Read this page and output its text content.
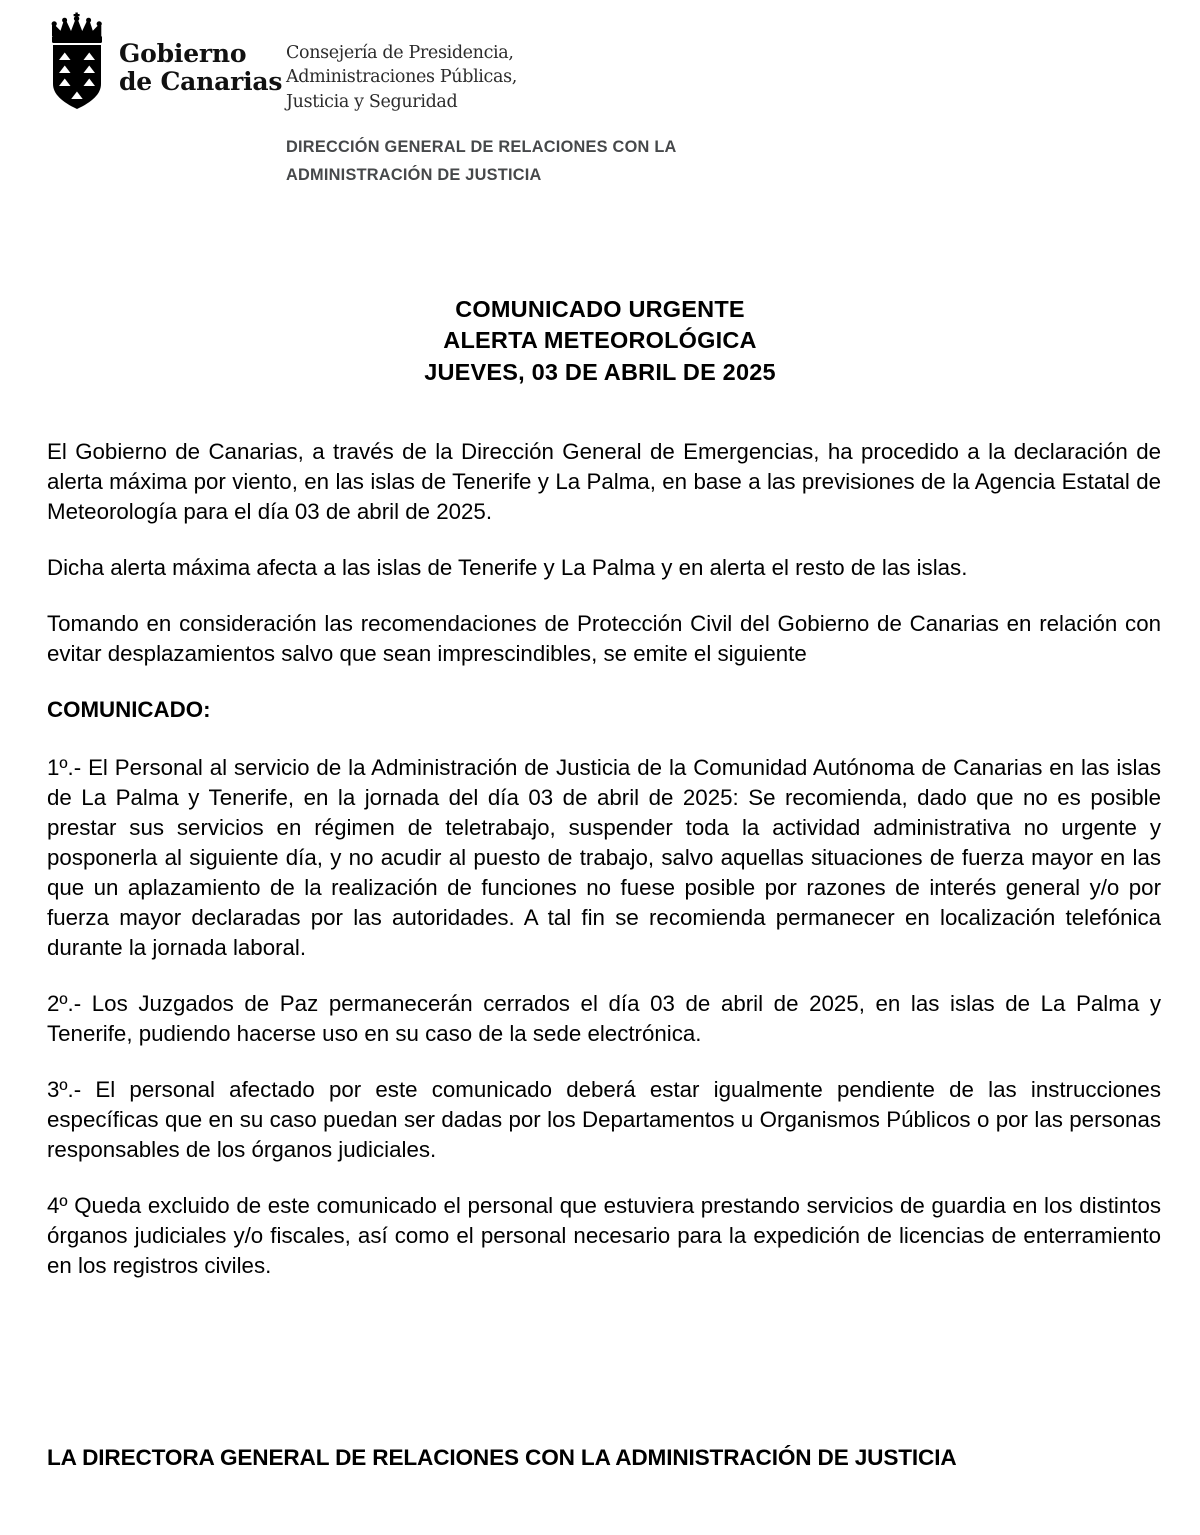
Gobierno
de Canarias
Consejería de Presidencia,
Administraciones Públicas,
Justicia y Seguridad
DIRECCIÓN GENERAL DE RELACIONES CON LA
ADMINISTRACIÓN DE JUSTICIA
COMUNICADO URGENTE
ALERTA METEOROLÓGICA
JUEVES, 03 DE ABRIL DE 2025

El Gobierno de Canarias, a través de la Dirección General de Emergencias, ha procedido a la declaración de alerta máxima por viento, en las islas de Tenerife y La Palma, en base a las previsiones de la Agencia Estatal de Meteorología para el día 03 de abril de 2025.

Dicha alerta máxima afecta a las islas de Tenerife y La Palma y en alerta el resto de las islas.

Tomando en consideración las recomendaciones de Protección Civil del Gobierno de Canarias en relación con evitar desplazamientos salvo que sean imprescindibles, se emite el siguiente

COMUNICADO:

1º.- El Personal al servicio de la Administración de Justicia de la Comunidad Autónoma de Canarias en las islas de La Palma y Tenerife, en la jornada del día 03 de abril de 2025: Se recomienda, dado que no es posible prestar sus servicios en régimen de teletrabajo, suspender toda la actividad administrativa no urgente y posponerla al siguiente día, y no acudir al puesto de trabajo, salvo aquellas situaciones de fuerza mayor en las que un aplazamiento de la realización de funciones no fuese posible por razones de interés general y/o por fuerza mayor declaradas por las autoridades. A tal fin se recomienda permanecer en localización telefónica durante la jornada laboral.

2º.- Los Juzgados de Paz permanecerán cerrados el día 03 de abril de 2025, en las islas de La Palma y Tenerife, pudiendo hacerse uso en su caso de la sede electrónica.

3º.- El personal afectado por este comunicado deberá estar igualmente pendiente de las instrucciones específicas que en su caso puedan ser dadas por los Departamentos u Organismos Públicos o por las personas responsables de los órganos judiciales.

4º Queda excluido de este comunicado el personal que estuviera prestando servicios de guardia en los distintos órganos judiciales y/o fiscales, así como el personal necesario para la expedición de licencias de enterramiento en los registros civiles.

LA DIRECTORA GENERAL DE RELACIONES CON LA ADMINISTRACIÓN DE JUSTICIA
